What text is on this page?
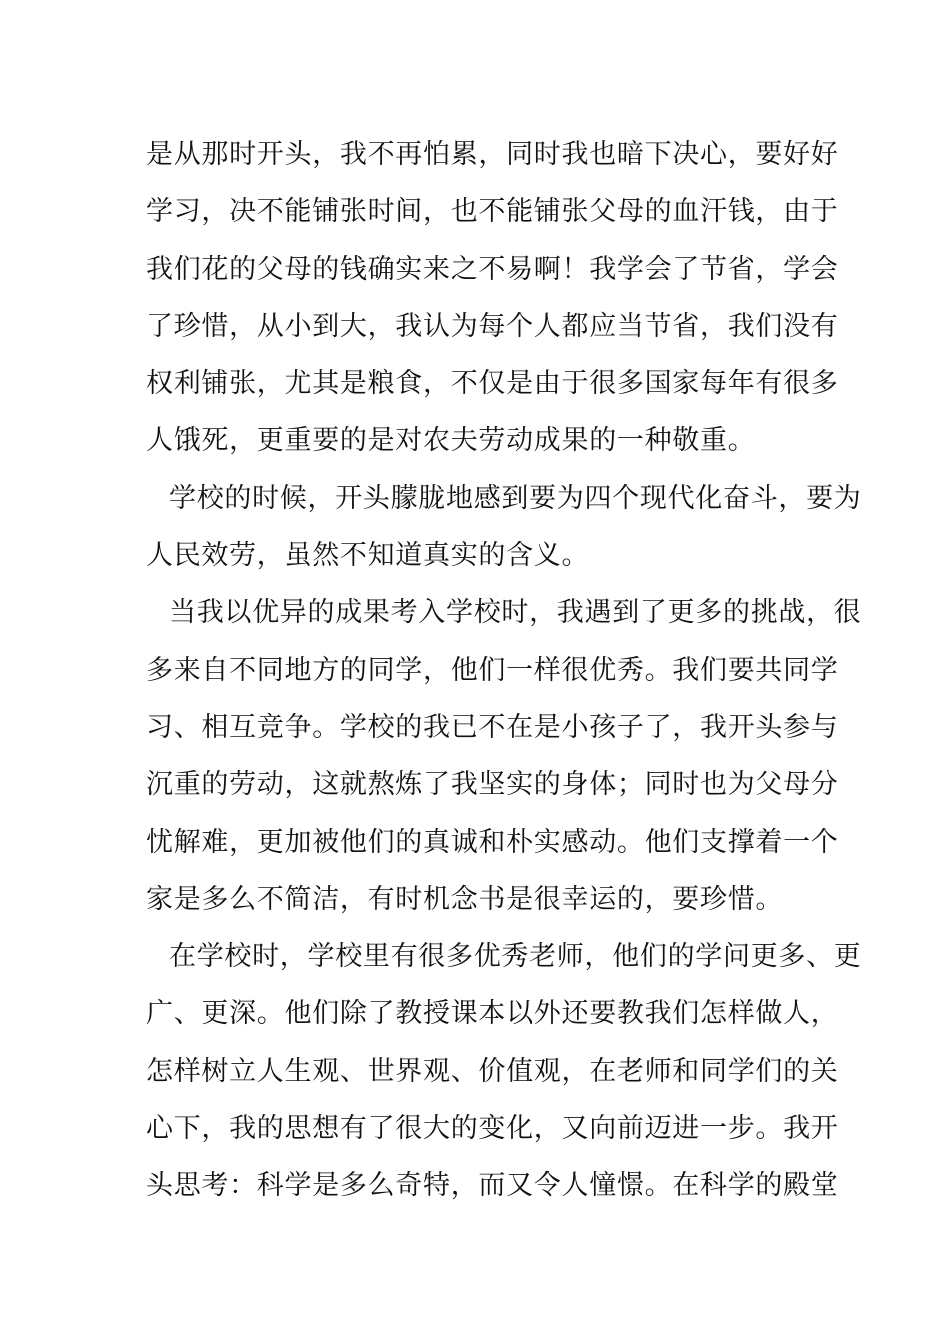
是从那时开头，我不再怕累，同时我也暗下决心，要好好
学习，决不能铺张时间，也不能铺张父母的血汗钱，由于
我们花的父母的钱确实来之不易啊！我学会了节省，学会
了珍惜，从小到大，我认为每个人都应当节省，我们没有
权利铺张，尤其是粮食，不仅是由于很多国家每年有很多
人饿死，更重要的是对农夫劳动成果的一种敬重。
学校的时候，开头朦胧地感到要为四个现代化奋斗，要为
人民效劳，虽然不知道真实的含义。
当我以优异的成果考入学校时，我遇到了更多的挑战，很
多来自不同地方的同学，他们一样很优秀。我们要共同学
习、相互竞争。学校的我已不在是小孩子了，我开头参与
沉重的劳动，这就熬炼了我坚实的身体；同时也为父母分
忧解难，更加被他们的真诚和朴实感动。他们支撑着一个
家是多么不简洁，有时机念书是很幸运的，要珍惜。
在学校时，学校里有很多优秀老师，他们的学问更多、更
广、更深。他们除了教授课本以外还要教我们怎样做人，
怎样树立人生观、世界观、价值观，在老师和同学们的关
心下，我的思想有了很大的变化，又向前迈进一步。我开
头思考：科学是多么奇特，而又令人憧憬。在科学的殿堂
